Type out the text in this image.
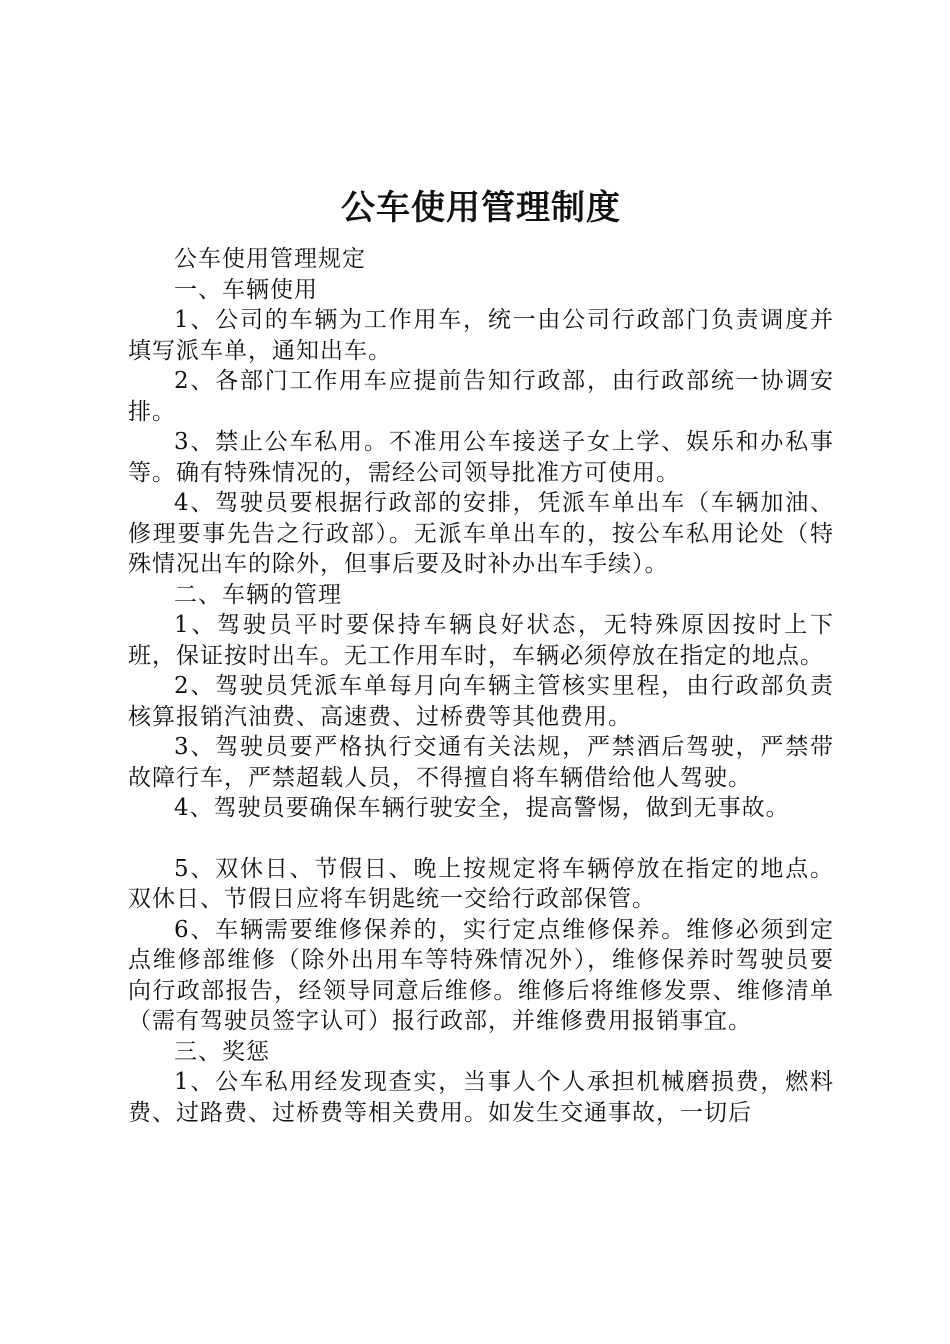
公车使用管理制度

公车使用管理规定

一、车辆使用

1、公司的车辆为工作用车，统一由公司行政部门负责调度并填写派车单，通知出车。

2、各部门工作用车应提前告知行政部，由行政部统一协调安排。

3、禁止公车私用。不准用公车接送子女上学、娱乐和办私事等。确有特殊情况的，需经公司领导批准方可使用。

4、驾驶员要根据行政部的安排，凭派车单出车（车辆加油、修理要事先告之行政部）。无派车单出车的，按公车私用论处（特殊情况出车的除外，但事后要及时补办出车手续）。

二、车辆的管理

1、驾驶员平时要保持车辆良好状态，无特殊原因按时上下班，保证按时出车。无工作用车时，车辆必须停放在指定的地点。

2、驾驶员凭派车单每月向车辆主管核实里程，由行政部负责核算报销汽油费、高速费、过桥费等其他费用。

3、驾驶员要严格执行交通有关法规，严禁酒后驾驶，严禁带故障行车，严禁超载人员，不得擅自将车辆借给他人驾驶。

4、驾驶员要确保车辆行驶安全，提高警惕，做到无事故。

5、双休日、节假日、晚上按规定将车辆停放在指定的地点。双休日、节假日应将车钥匙统一交给行政部保管。

6、车辆需要维修保养的，实行定点维修保养。维修必须到定点维修部维修（除外出用车等特殊情况外），维修保养时驾驶员要向行政部报告，经领导同意后维修。维修后将维修发票、维修清单（需有驾驶员签字认可）报行政部，并维修费用报销事宜。

三、奖惩

1、公车私用经发现查实，当事人个人承担机械磨损费，燃料费、过路费、过桥费等相关费用。如发生交通事故，一切后
